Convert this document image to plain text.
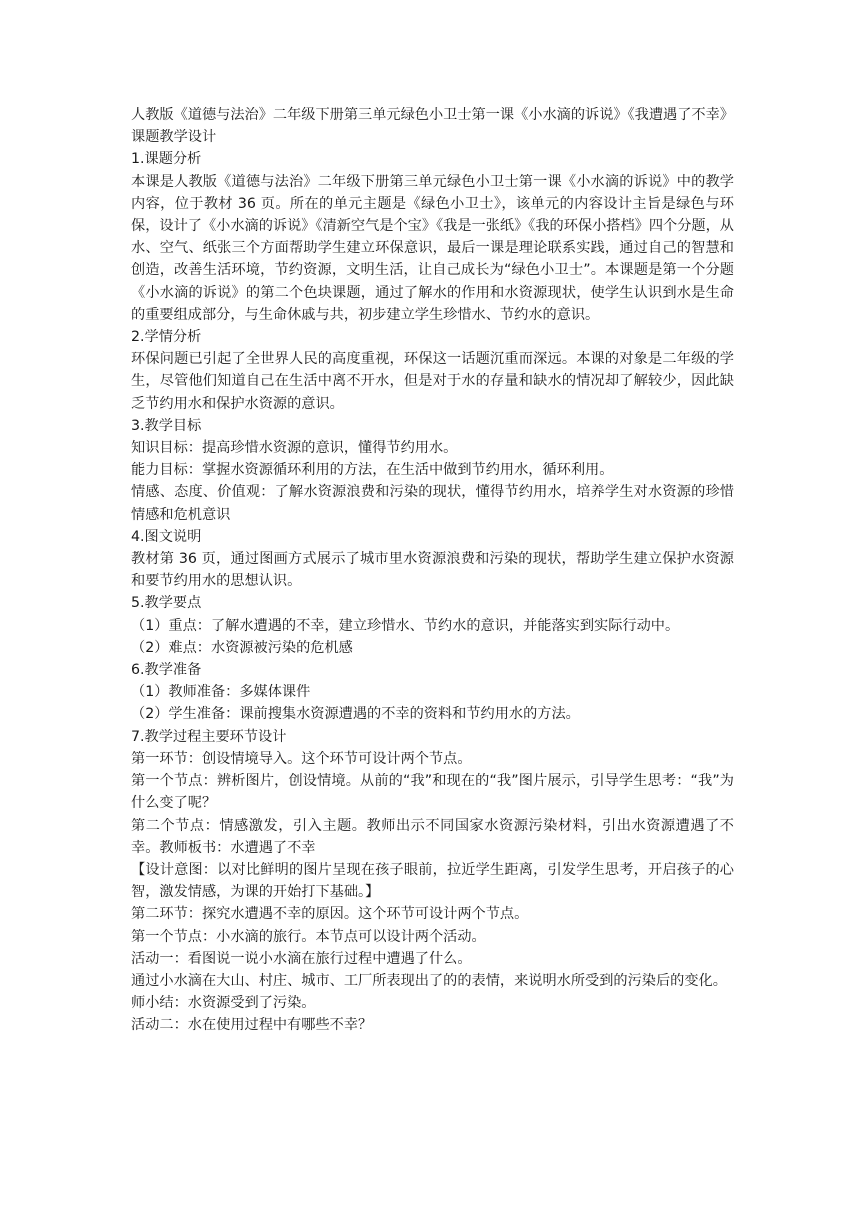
人教版《道德与法治》二年级下册第三单元绿色小卫士第一课《小水滴的诉说》《我遭遇了不幸》课题教学设计

1.课题分析

本课是人教版《道德与法治》二年级下册第三单元绿色小卫士第一课《小水滴的诉说》中的教学内容，位于教材 36 页。所在的单元主题是《绿色小卫士》，该单元的内容设计主旨是绿色与环保，设计了《小水滴的诉说》《清新空气是个宝》《我是一张纸》《我的环保小搭档》四个分题，从水、空气、纸张三个方面帮助学生建立环保意识，最后一课是理论联系实践，通过自己的智慧和创造，改善生活环境，节约资源，文明生活，让自己成长为“绿色小卫士”。本课题是第一个分题《小水滴的诉说》的第二个色块课题，通过了解水的作用和水资源现状，使学生认识到水是生命的重要组成部分，与生命休戚与共，初步建立学生珍惜水、节约水的意识。

2.学情分析

环保问题已引起了全世界人民的高度重视，环保这一话题沉重而深远。本课的对象是二年级的学生，尽管他们知道自己在生活中离不开水，但是对于水的存量和缺水的情况却了解较少，因此缺乏节约用水和保护水资源的意识。

3.教学目标

知识目标：提高珍惜水资源的意识，懂得节约用水。

能力目标：掌握水资源循环利用的方法，在生活中做到节约用水，循环利用。

情感、态度、价值观：了解水资源浪费和污染的现状，懂得节约用水，培养学生对水资源的珍惜情感和危机意识

4.图文说明

教材第 36 页，通过图画方式展示了城市里水资源浪费和污染的现状，帮助学生建立保护水资源和要节约用水的思想认识。

5.教学要点

（1）重点：了解水遭遇的不幸，建立珍惜水、节约水的意识，并能落实到实际行动中。

（2）难点：水资源被污染的危机感

6.教学准备

（1）教师准备：多媒体课件

（2）学生准备：课前搜集水资源遭遇的不幸的资料和节约用水的方法。

7.教学过程主要环节设计

第一环节：创设情境导入。这个环节可设计两个节点。

第一个节点：辨析图片，创设情境。从前的“我”和现在的“我”图片展示，引导学生思考：“我”为什么变了呢？

第二个节点：情感激发，引入主题。教师出示不同国家水资源污染材料，引出水资源遭遇了不幸。教师板书：水遭遇了不幸

【设计意图：以对比鲜明的图片呈现在孩子眼前，拉近学生距离，引发学生思考，开启孩子的心智，激发情感，为课的开始打下基础。】

第二环节：探究水遭遇不幸的原因。这个环节可设计两个节点。

第一个节点：小水滴的旅行。本节点可以设计两个活动。

活动一：看图说一说小水滴在旅行过程中遭遇了什么。

通过小水滴在大山、村庄、城市、工厂所表现出了的的表情，来说明水所受到的污染后的变化。

师小结：水资源受到了污染。

活动二：水在使用过程中有哪些不幸？
